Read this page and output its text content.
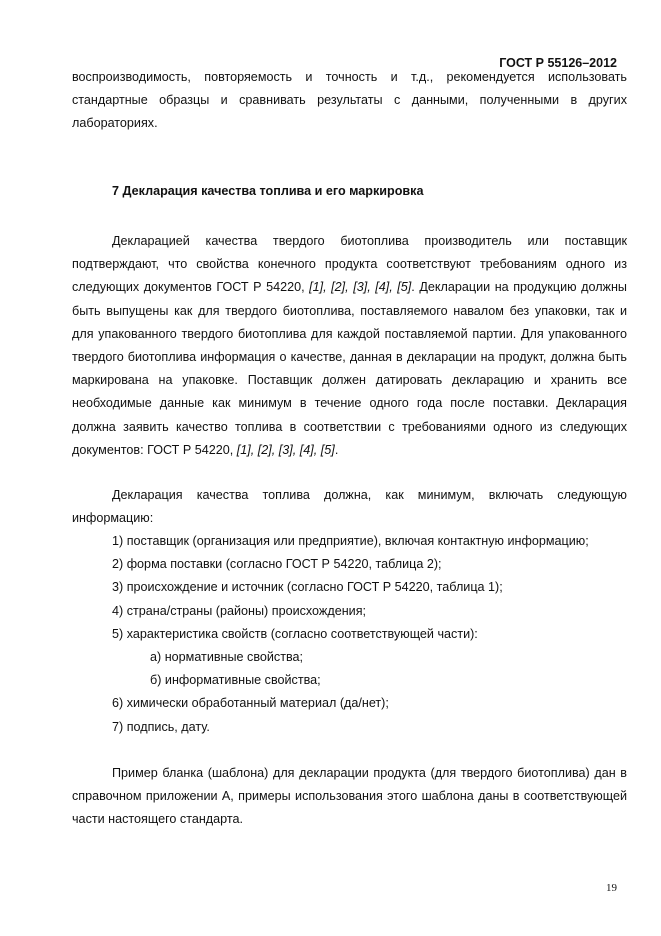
ГОСТ Р 55126–2012

воспроизводимость, повторяемость и точность и т.д., рекомендуется использовать стандартные образцы и сравнивать результаты с данными, полученными в других лабораториях.

7 Декларация качества топлива и его маркировка

Декларацией качества твердого биотоплива производитель или поставщик подтверждают, что свойства конечного продукта соответствуют требованиям одного из следующих документов ГОСТ Р 54220, [1], [2], [3], [4], [5]. Декларации на продукцию должны быть выпущены как для твердого биотоплива, поставляемого навалом без упаковки, так и для упакованного твердого биотоплива для каждой поставляемой партии. Для упакованного твердого биотоплива информация о качестве, данная в декларации на продукт, должна быть маркирована на упаковке. Поставщик должен датировать декларацию и хранить все необходимые данные как минимум в течение одного года после поставки. Декларация должна заявить качество топлива в соответствии с требованиями одного из следующих документов: ГОСТ Р 54220, [1], [2], [3], [4], [5].

Декларация качества топлива должна, как минимум, включать следующую информацию:

1) поставщик (организация или предприятие), включая контактную информацию;
2) форма поставки (согласно ГОСТ Р 54220, таблица 2);
3) происхождение и источник (согласно ГОСТ Р 54220, таблица 1);
4) страна/страны (районы) происхождения;
5) характеристика свойств (согласно соответствующей части):
а) нормативные свойства;
б) информативные свойства;
6) химически обработанный материал (да/нет);
7) подпись, дату.

Пример бланка (шаблона) для декларации продукта (для твердого биотоплива) дан в справочном приложении А, примеры использования этого шаблона даны в соответствующей части настоящего стандарта.

19
